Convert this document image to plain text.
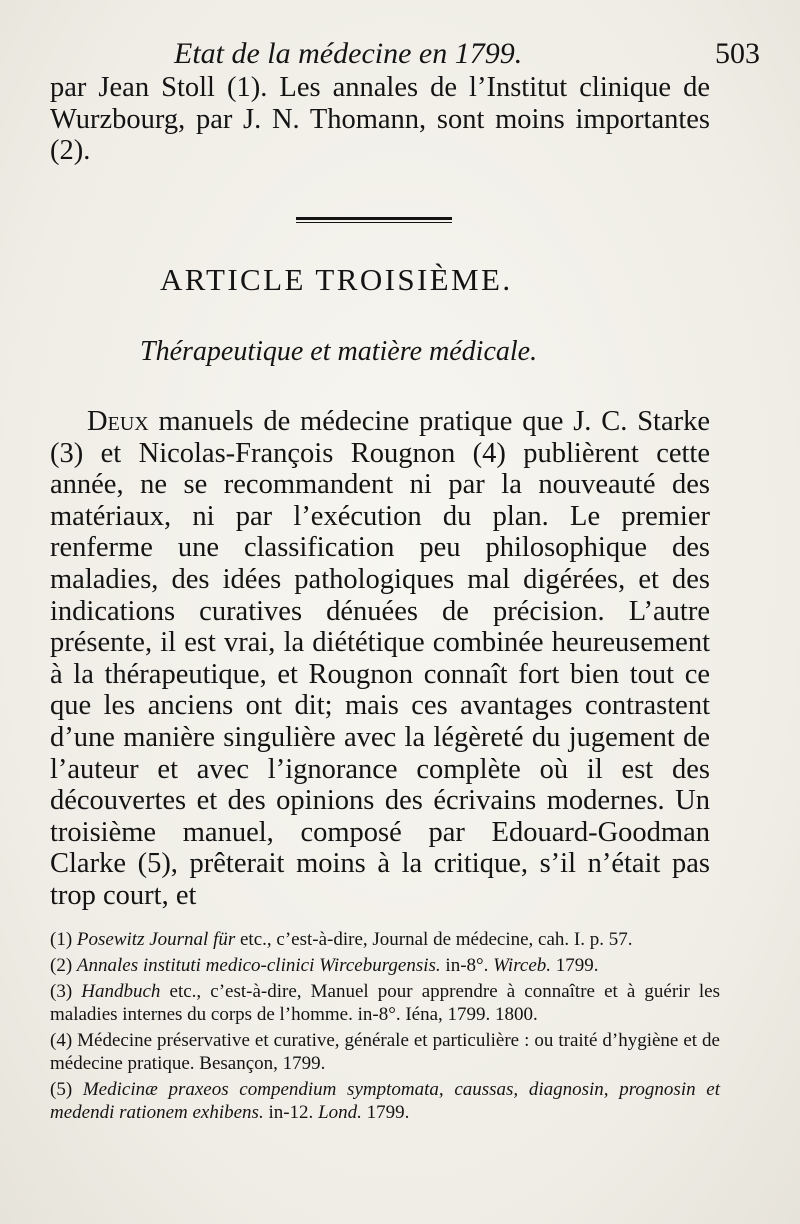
Etat de la médecine en 1799.	503
par Jean Stoll (1). Les annales de l’Institut clinique de Wurzbourg, par J. N. Thomann, sont moins importantes (2).
ARTICLE TROISIÈME.
Thérapeutique et matière médicale.
Deux manuels de médecine pratique que J. C. Starke (3) et Nicolas-François Rougnon (4) publièrent cette année, ne se recommandent ni par la nouveauté des matériaux, ni par l’exécution du plan. Le premier renferme une classification peu philosophique des maladies, des idées pathologiques mal digérées, et des indications curatives dénuées de précision. L’autre présente, il est vrai, la diététique combinée heureusement à la thérapeutique, et Rougnon connaît fort bien tout ce que les anciens ont dit; mais ces avantages contrastent d’une manière singulière avec la légèreté du jugement de l’auteur et avec l’ignorance complète où il est des découvertes et des opinions des écrivains modernes. Un troisième manuel, composé par Edouard-Goodman Clarke (5), prêterait moins à la critique, s’il n’était pas trop court, et
(1) Posewitz Journal für etc., c’est-à-dire, Journal de médecine, cah. I. p. 57.
(2) Annales instituti medico-clinici Wirceburgensis. in-8°. Wirceb. 1799.
(3) Handbuch etc., c’est-à-dire, Manuel pour apprendre à connaître et à guérir les maladies internes du corps de l’homme. in-8°. Iéna, 1799. 1800.
(4) Médecine préservative et curative, générale et particulière : ou traité d’hygiène et de médecine pratique. Besançon, 1799.
(5) Medicinæ praxeos compendium symptomata, caussas, diagnosin, prognosin et medendi rationem exhibens. in-12. Lond. 1799.
